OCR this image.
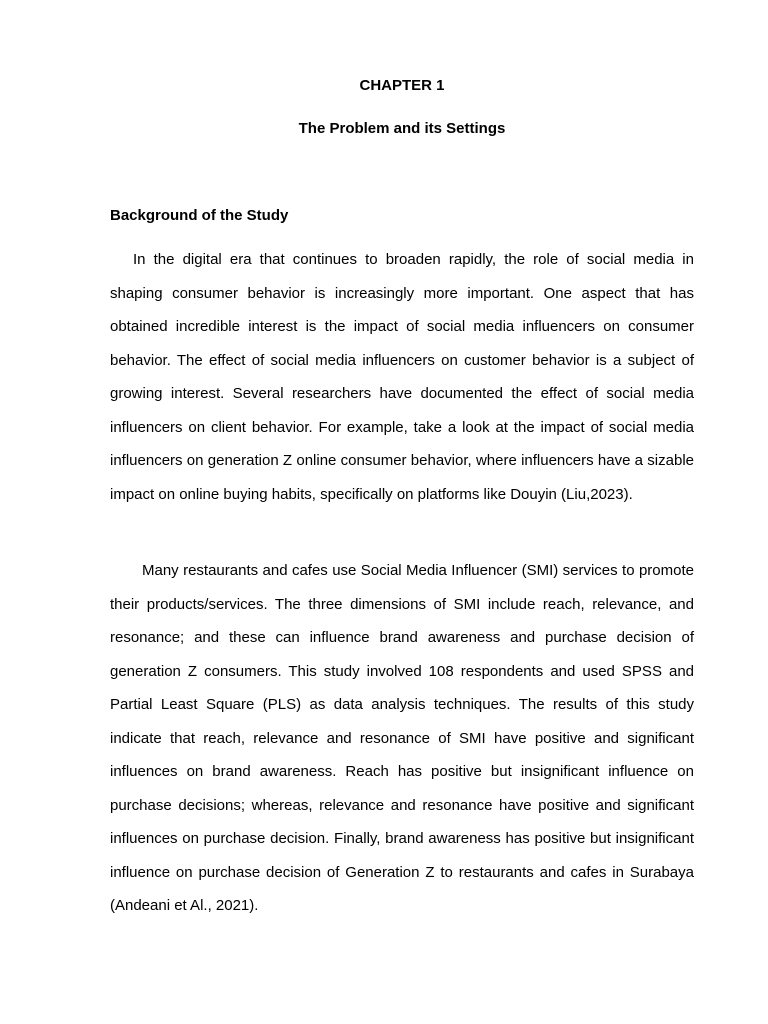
CHAPTER 1
The Problem and its Settings
Background of the Study

In the digital era that continues to broaden rapidly, the role of social media in shaping consumer behavior is increasingly more important. One aspect that has obtained incredible interest is the impact of social media influencers on consumer behavior. The effect of social media influencers on customer behavior is a subject of growing interest. Several researchers have documented the effect of social media influencers on client behavior. For example, take a look at the impact of social media influencers on generation Z online consumer behavior, where influencers have a sizable impact on online buying habits, specifically on platforms like Douyin (Liu,2023).

Many restaurants and cafes use Social Media Influencer (SMI) services to promote their products/services. The three dimensions of SMI include reach, relevance, and resonance; and these can influence brand awareness and purchase decision of generation Z consumers. This study involved 108 respondents and used SPSS and Partial Least Square (PLS) as data analysis techniques. The results of this study indicate that reach, relevance and resonance of SMI have positive and significant influences on brand awareness. Reach has positive but insignificant influence on purchase decisions; whereas, relevance and resonance have positive and significant influences on purchase decision. Finally, brand awareness has positive but insignificant influence on purchase decision of Generation Z to restaurants and cafes in Surabaya (Andeani et Al., 2021).
